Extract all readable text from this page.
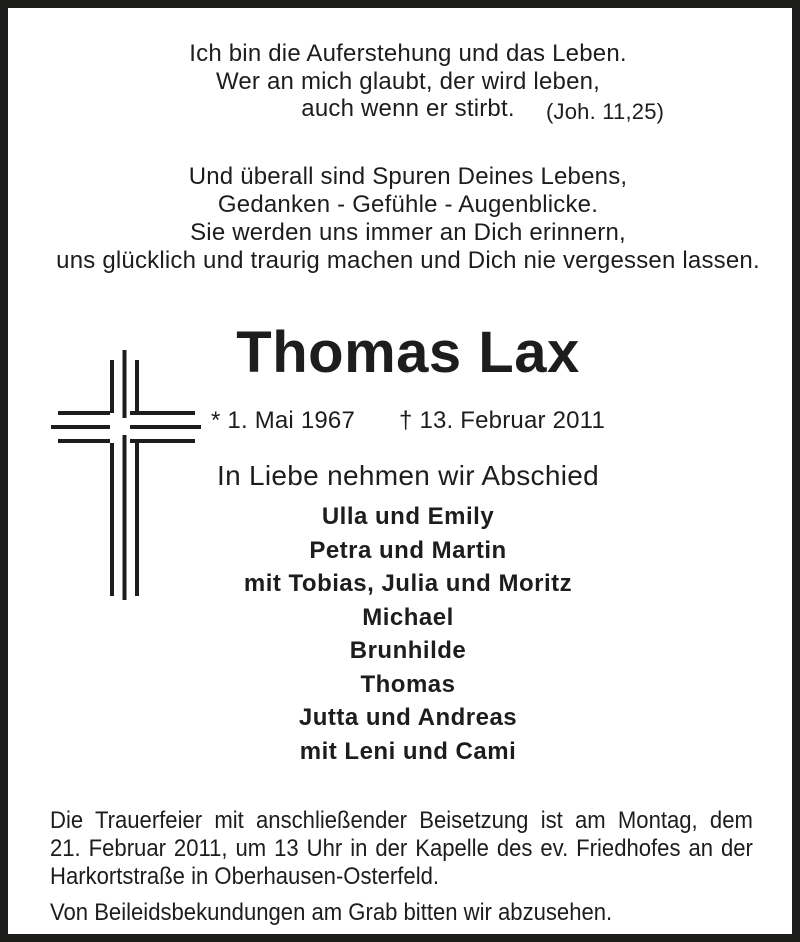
Ich bin die Auferstehung und das Leben.
Wer an mich glaubt, der wird leben,
auch wenn er stirbt. (Joh. 11,25)
Und überall sind Spuren Deines Lebens,
Gedanken - Gefühle - Augenblicke.
Sie werden uns immer an Dich erinnern,
uns glücklich und traurig machen und Dich nie vergessen lassen.
Thomas Lax
* 1. Mai 1967 † 13. Februar 2011
In Liebe nehmen wir Abschied
Ulla und Emily
Petra und Martin
mit Tobias, Julia und Moritz
Michael
Brunhilde
Thomas
Jutta und Andreas
mit Leni und Cami
Die Trauerfeier mit anschließender Beisetzung ist am Montag, dem
21. Februar 2011, um 13 Uhr in der Kapelle des ev. Friedhofes an der
Harkortstraße in Oberhausen-Osterfeld.
Von Beileidsbekundungen am Grab bitten wir abzusehen.
